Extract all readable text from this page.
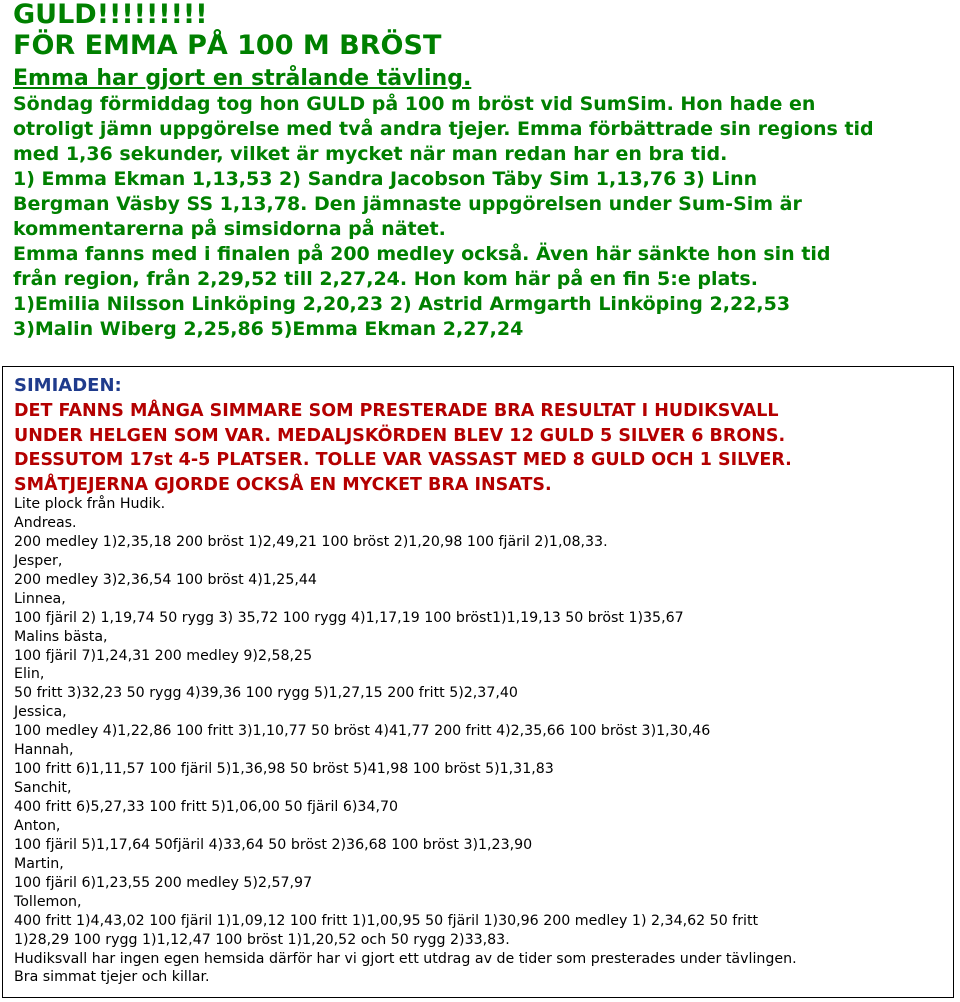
GULD!!!!!!!!!
FÖR EMMA PÅ 100 M BRÖST
Emma har gjort en strålande tävling.
Söndag förmiddag tog hon GULD på 100 m bröst vid SumSim. Hon hade en
otroligt jämn uppgörelse med två andra tjejer. Emma förbättrade sin regions tid
med 1,36 sekunder, vilket är mycket när man redan har en bra tid.
1) Emma Ekman 1,13,53 2) Sandra Jacobson Täby Sim 1,13,76 3) Linn
Bergman Väsby SS 1,13,78. Den jämnaste uppgörelsen under Sum-Sim är
kommentarerna på simsidorna på nätet.
Emma fanns med i finalen på 200 medley också. Även här sänkte hon sin tid
från region, från 2,29,52 till 2,27,24. Hon kom här på en fin 5:e plats.
1)Emilia Nilsson Linköping 2,20,23 2) Astrid Armgarth Linköping 2,22,53
3)Malin Wiberg 2,25,86 5)Emma Ekman 2,27,24
SIMIADEN:
DET FANNS MÅNGA SIMMARE SOM PRESTERADE BRA RESULTAT I HUDIKSVALL
UNDER HELGEN SOM VAR. MEDALJSKÖRDEN BLEV 12 GULD 5 SILVER 6 BRONS.
DESSUTOM 17st 4-5 PLATSER. TOLLE VAR VASSAST MED 8 GULD OCH 1 SILVER.
SMÅTJEJERNA GJORDE OCKSÅ EN MYCKET BRA INSATS.
Lite plock från Hudik.
Andreas.
200 medley 1)2,35,18 200 bröst 1)2,49,21 100 bröst 2)1,20,98 100 fjäril 2)1,08,33.
Jesper,
200 medley 3)2,36,54 100 bröst 4)1,25,44
Linnea,
100 fjäril 2) 1,19,74 50 rygg 3) 35,72 100 rygg 4)1,17,19 100 bröst1)1,19,13 50 bröst 1)35,67
Malins bästa,
100 fjäril 7)1,24,31 200 medley 9)2,58,25
Elin,
50 fritt 3)32,23 50 rygg 4)39,36 100 rygg 5)1,27,15 200 fritt 5)2,37,40
Jessica,
100 medley 4)1,22,86 100 fritt 3)1,10,77 50 bröst 4)41,77 200 fritt 4)2,35,66 100 bröst 3)1,30,46
Hannah,
100 fritt 6)1,11,57 100 fjäril 5)1,36,98 50 bröst 5)41,98 100 bröst 5)1,31,83
Sanchit,
400 fritt 6)5,27,33 100 fritt 5)1,06,00 50 fjäril 6)34,70
Anton,
100 fjäril 5)1,17,64 50fjäril 4)33,64 50 bröst 2)36,68 100 bröst 3)1,23,90
Martin,
100 fjäril 6)1,23,55 200 medley 5)2,57,97
Tollemon,
400 fritt 1)4,43,02 100 fjäril 1)1,09,12 100 fritt 1)1,00,95 50 fjäril 1)30,96 200 medley 1) 2,34,62 50 fritt
1)28,29 100 rygg 1)1,12,47 100 bröst 1)1,20,52 och 50 rygg 2)33,83.
Hudiksvall har ingen egen hemsida därför har vi gjort ett utdrag av de tider som presterades under tävlingen.
Bra simmat tjejer och killar.
